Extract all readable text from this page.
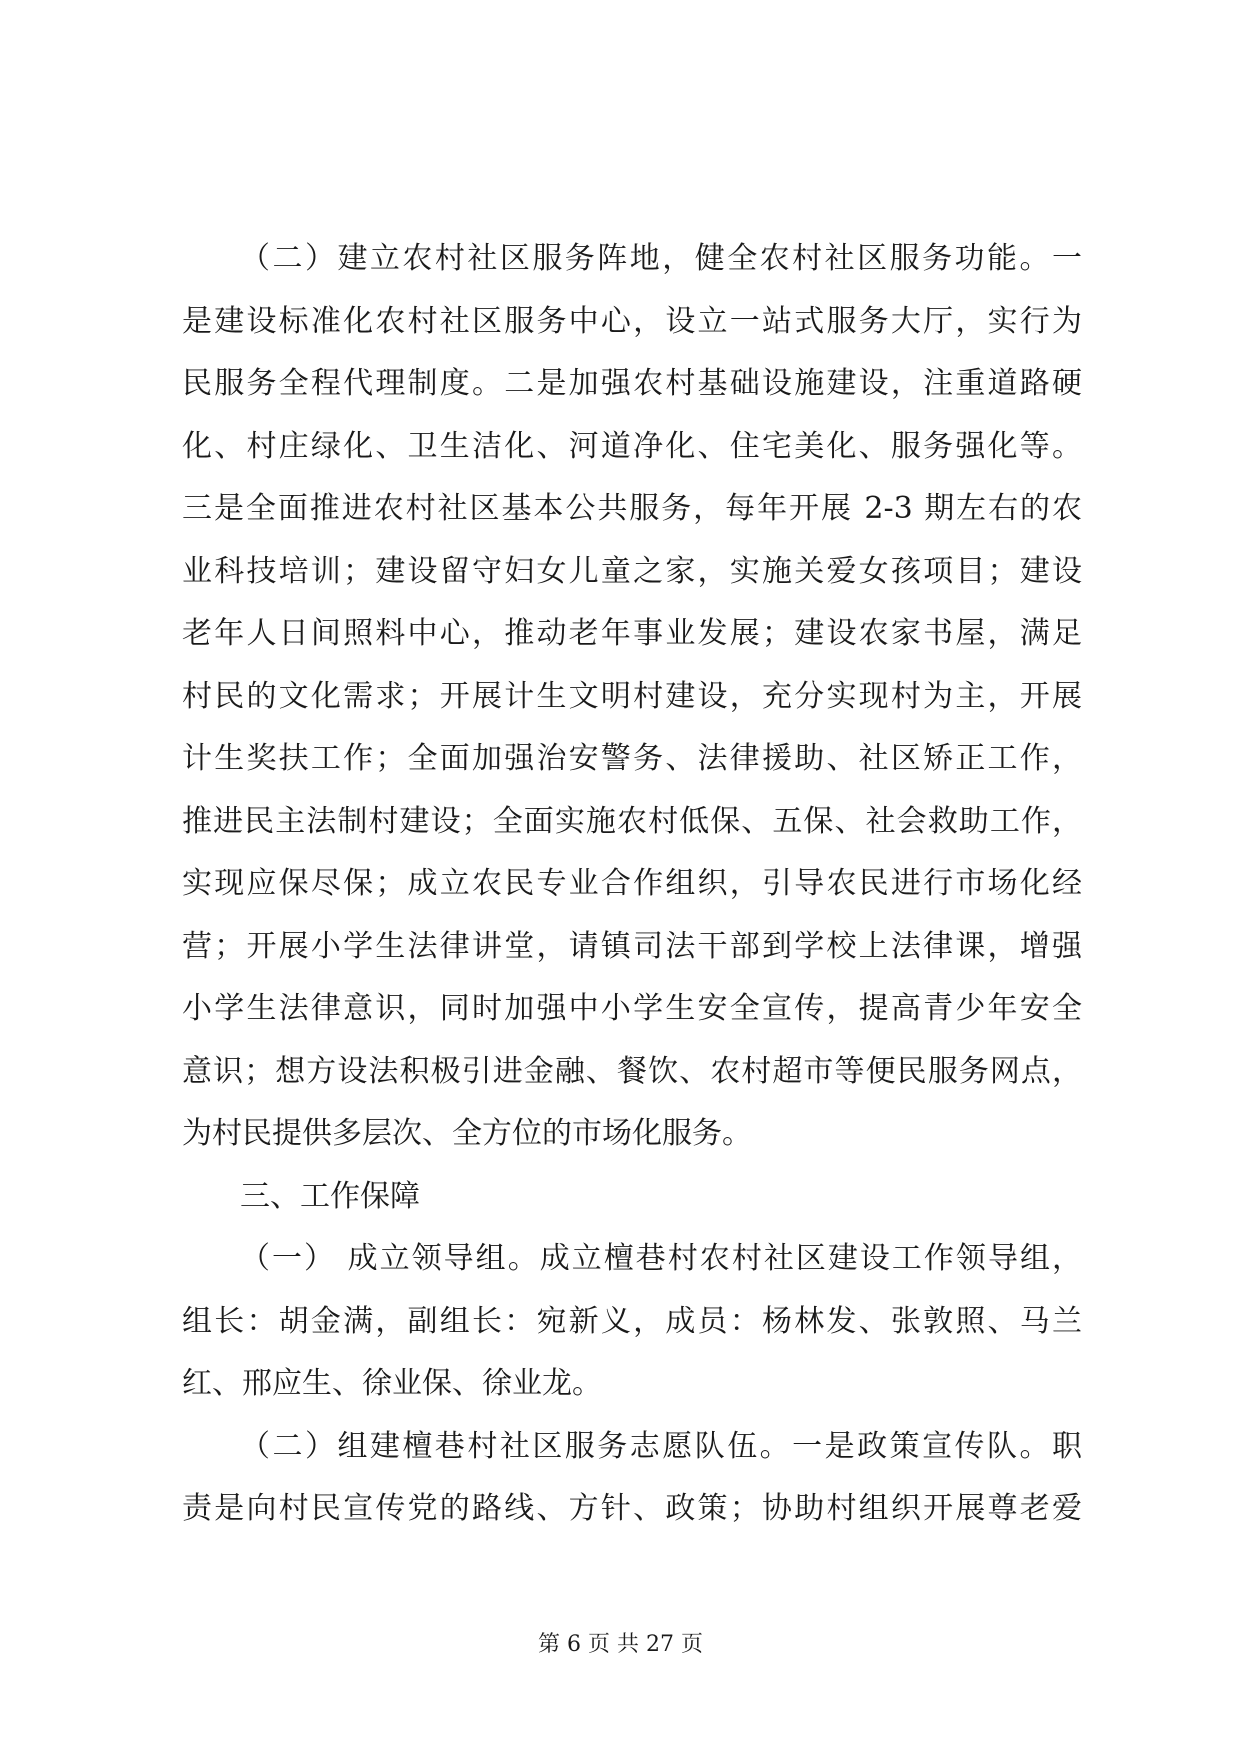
（二）建立农村社区服务阵地，健全农村社区服务功能。一
是建设标准化农村社区服务中心，设立一站式服务大厅，实行为
民服务全程代理制度。二是加强农村基础设施建设，注重道路硬
化、村庄绿化、卫生洁化、河道净化、住宅美化、服务强化等。
三是全面推进农村社区基本公共服务，每年开展 2-3 期左右的农
业科技培训；建设留守妇女儿童之家，实施关爱女孩项目；建设
老年人日间照料中心，推动老年事业发展；建设农家书屋，满足
村民的文化需求；开展计生文明村建设，充分实现村为主，开展
计生奖扶工作；全面加强治安警务、法律援助、社区矫正工作，
推进民主法制村建设；全面实施农村低保、五保、社会救助工作，
实现应保尽保；成立农民专业合作组织，引导农民进行市场化经
营；开展小学生法律讲堂，请镇司法干部到学校上法律课，增强
小学生法律意识，同时加强中小学生安全宣传，提高青少年安全
意识；想方设法积极引进金融、餐饮、农村超市等便民服务网点，
为村民提供多层次、全方位的市场化服务。
三、工作保障
（一） 成立领导组。成立檀巷村农村社区建设工作领导组，
组长：胡金满，副组长：宛新义，成员：杨林发、张敦照、马兰
红、邢应生、徐业保、徐业龙。
（二）组建檀巷村社区服务志愿队伍。一是政策宣传队。职
责是向村民宣传党的路线、方针、政策；协助村组织开展尊老爱
第 6 页 共 27 页
